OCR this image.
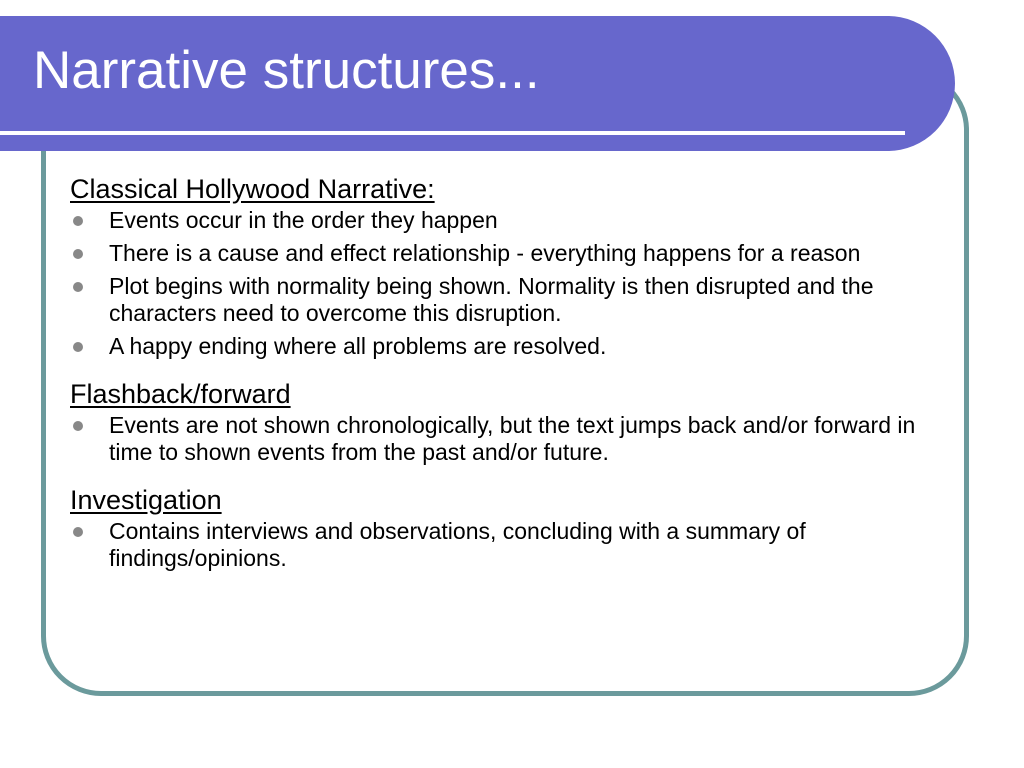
Narrative structures...
Classical Hollywood Narrative:
Events occur in the order they happen
There is a cause and effect relationship - everything happens for a reason
Plot begins with normality being shown. Normality is then disrupted and the characters need to overcome this disruption.
A happy ending where all problems are resolved.
Flashback/forward
Events are not shown chronologically, but the text jumps back and/or forward in time to shown events from the past and/or future.
Investigation
Contains interviews and observations, concluding with a summary of findings/opinions.
